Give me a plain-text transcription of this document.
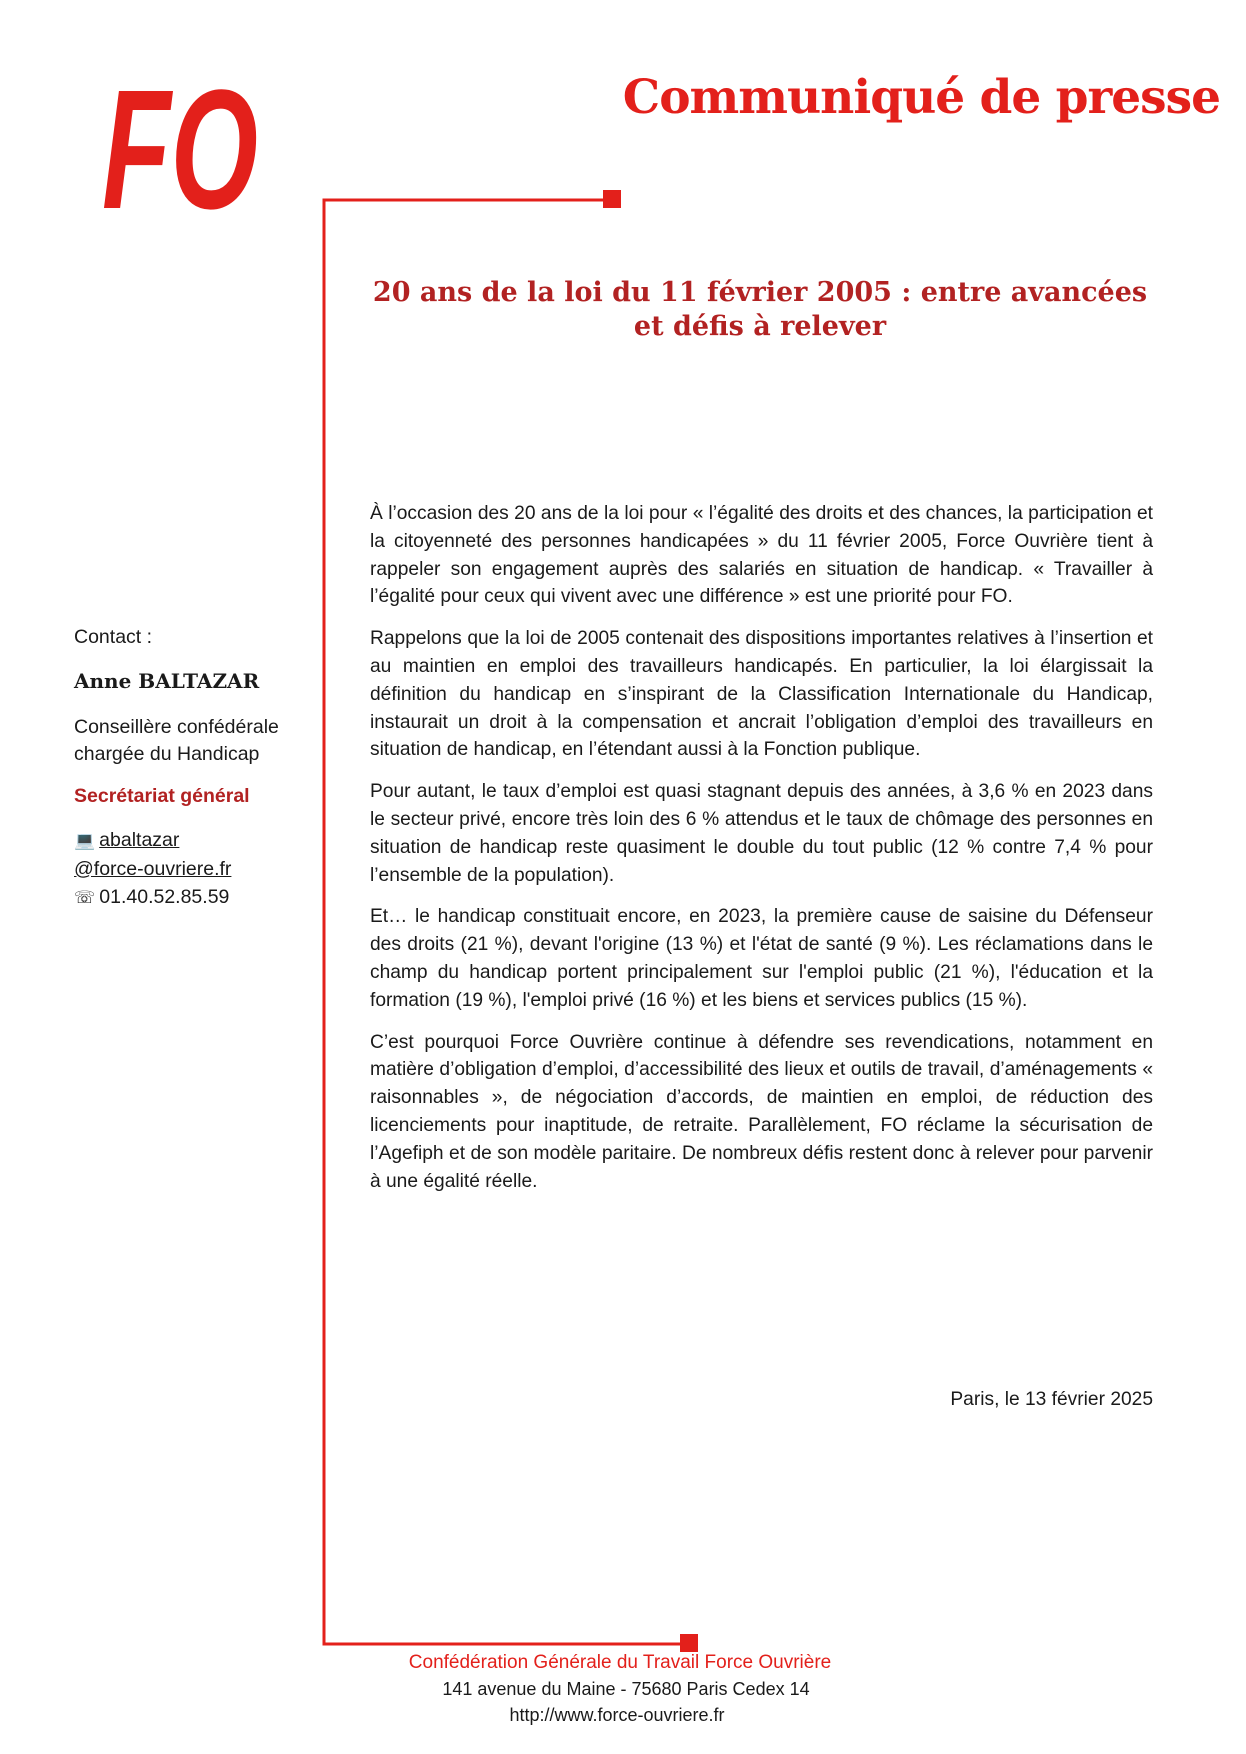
FO	Communiqué de presse
20 ans de la loi du 11 février 2005 : entre avancées
et défis à relever

À l’occasion des 20 ans de la loi pour « l’égalité des droits et des chances, la participation et la citoyenneté des personnes handicapées » du 11 février 2005, Force Ouvrière tient à rappeler son engagement auprès des salariés en situation de handicap. « Travailler à l’égalité pour ceux qui vivent avec une différence » est une priorité pour FO.

Rappelons que la loi de 2005 contenait des dispositions importantes relatives à l’insertion et au maintien en emploi des travailleurs handicapés. En particulier, la loi élargissait la définition du handicap en s’inspirant de la Classification Internationale du Handicap, instaurait un droit à la compensation et ancrait l’obligation d’emploi des travailleurs en situation de handicap, en l’étendant aussi à la Fonction publique.

Pour autant, le taux d’emploi est quasi stagnant depuis des années, à 3,6 % en 2023 dans le secteur privé, encore très loin des 6 % attendus et le taux de chômage des personnes en situation de handicap reste quasiment le double du tout public (12 % contre 7,4 % pour l’ensemble de la population).

Et… le handicap constituait encore, en 2023, la première cause de saisine du Défenseur des droits (21 %), devant l'origine (13 %) et l'état de santé (9 %). Les réclamations dans le champ du handicap portent principalement sur l'emploi public (21 %), l'éducation et la formation (19 %), l'emploi privé (16 %) et les biens et services publics (15 %).

C’est pourquoi Force Ouvrière continue à défendre ses revendications, notamment en matière d’obligation d’emploi, d’accessibilité des lieux et outils de travail, d’aménagements « raisonnables », de négociation d’accords, de maintien en emploi, de réduction des licenciements pour inaptitude, de retraite. Parallèlement, FO réclame la sécurisation de l’Agefiph et de son modèle paritaire. De nombreux défis restent donc à relever pour parvenir à une égalité réelle.

Contact :

Anne BALTAZAR

Conseillère confédérale

chargée du Handicap

Secrétariat général

💻 abaltazar

@force-ouvriere.fr

☏ 01.40.52.85.59

Paris, le 13 février 2025

Confédération Générale du Travail Force Ouvrière

141 avenue du Maine - 75680 Paris Cedex 14

http://www.force-ouvriere.fr
